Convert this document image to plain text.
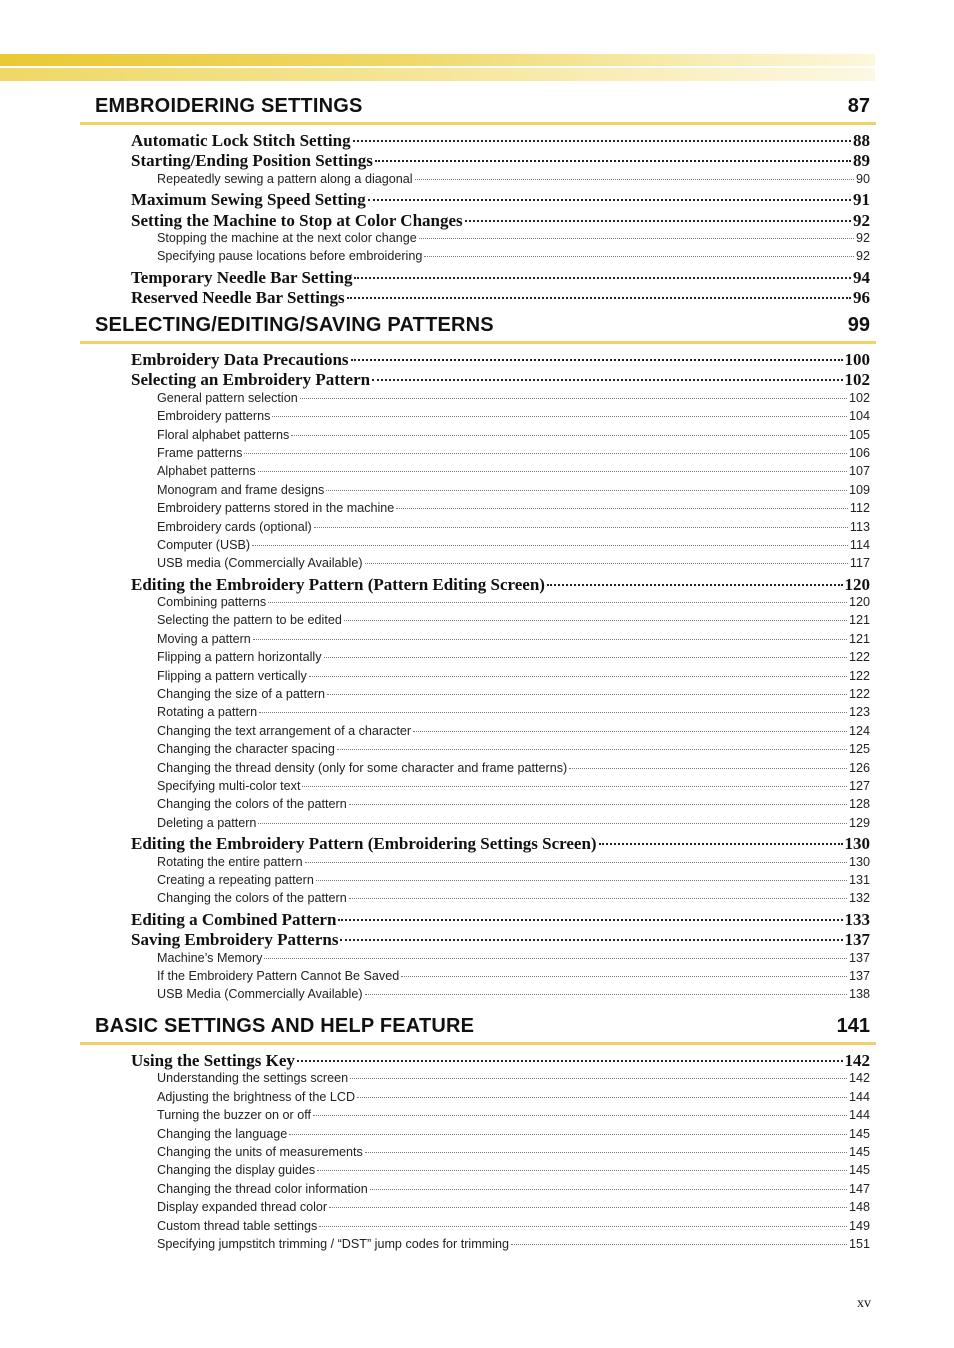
EMBROIDERING SETTINGS	87
Automatic Lock Stitch Setting	88
Starting/Ending Position Settings	89
Repeatedly sewing a pattern along a diagonal	90
Maximum Sewing Speed Setting	91
Setting the Machine to Stop at Color Changes	92
Stopping the machine at the next color change	92
Specifying pause locations before embroidering	92
Temporary Needle Bar Setting	94
Reserved Needle Bar Settings	96
SELECTING/EDITING/SAVING PATTERNS	99
Embroidery Data Precautions	100
Selecting an Embroidery Pattern	102
General pattern selection	102
Embroidery patterns	104
Floral alphabet patterns	105
Frame patterns	106
Alphabet patterns	107
Monogram and frame designs	109
Embroidery patterns stored in the machine	112
Embroidery cards (optional)	113
Computer (USB)	114
USB media (Commercially Available)	117
Editing the Embroidery Pattern (Pattern Editing Screen)	120
Combining patterns	120
Selecting the pattern to be edited	121
Moving a pattern	121
Flipping a pattern horizontally	122
Flipping a pattern vertically	122
Changing the size of a pattern	122
Rotating a pattern	123
Changing the text arrangement of a character	124
Changing the character spacing	125
Changing the thread density (only for some character and frame patterns)	126
Specifying multi-color text	127
Changing the colors of the pattern	128
Deleting a pattern	129
Editing the Embroidery Pattern (Embroidering Settings Screen)	130
Rotating the entire pattern	130
Creating a repeating pattern	131
Changing the colors of the pattern	132
Editing a Combined Pattern	133
Saving Embroidery Patterns	137
Machine’s Memory	137
If the Embroidery Pattern Cannot Be Saved	137
USB Media (Commercially Available)	138
BASIC SETTINGS AND HELP FEATURE	141
Using the Settings Key	142
Understanding the settings screen	142
Adjusting the brightness of the LCD	144
Turning the buzzer on or off	144
Changing the language	145
Changing the units of measurements	145
Changing the display guides	145
Changing the thread color information	147
Display expanded thread color	148
Custom thread table settings	149
Specifying jumpstitch trimming / “DST” jump codes for trimming	151
xv
